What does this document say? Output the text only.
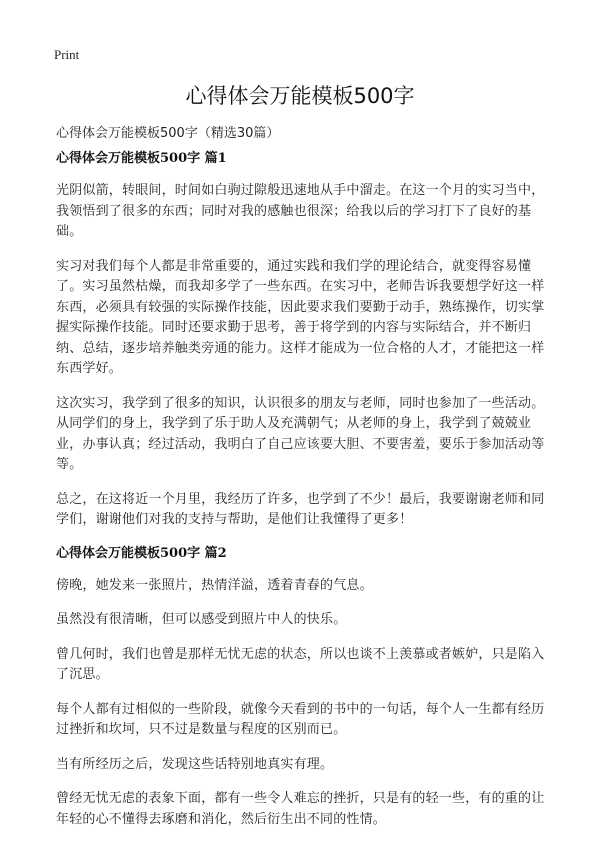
Print
心得体会万能模板500字

心得体会万能模板500字（精选30篇）

心得体会万能模板500字 篇1

光阴似箭，转眼间，时间如白驹过隙般迅速地从手中溜走。在这一个月的实习当中，我领悟到了很多的东西；同时对我的感触也很深；给我以后的学习打下了良好的基础。

实习对我们每个人都是非常重要的，通过实践和我们学的理论结合，就变得容易懂了。实习虽然枯燥，而我却多学了一些东西。在实习中，老师告诉我要想学好这一样东西，必须具有较强的实际操作技能，因此要求我们要勤于动手，熟练操作，切实掌握实际操作技能。同时还要求勤于思考，善于将学到的内容与实际结合，并不断归纳、总结，逐步培养触类旁通的能力。这样才能成为一位合格的人才，才能把这一样东西学好。

这次实习，我学到了很多的知识，认识很多的朋友与老师，同时也参加了一些活动。从同学们的身上，我学到了乐于助人及充满朝气；从老师的身上，我学到了兢兢业业，办事认真；经过活动，我明白了自己应该要大胆、不要害羞，要乐于参加活动等等。

总之，在这将近一个月里，我经历了许多，也学到了不少！最后，我要谢谢老师和同学们，谢谢他们对我的支持与帮助，是他们让我懂得了更多！

心得体会万能模板500字 篇2

傍晚，她发来一张照片，热情洋溢，透着青春的气息。

虽然没有很清晰，但可以感受到照片中人的快乐。

曾几何时，我们也曾是那样无忧无虑的状态，所以也谈不上羡慕或者嫉妒，只是陷入了沉思。

每个人都有过相似的一些阶段，就像今天看到的书中的一句话，每个人一生都有经历过挫折和坎坷，只不过是数量与程度的区别而已。

当有所经历之后，发现这些话特别地真实有理。

曾经无忧无虑的表象下面，都有一些令人难忘的挫折，只是有的轻一些，有的重的让年轻的心不懂得去琢磨和消化，然后衍生出不同的性情。
